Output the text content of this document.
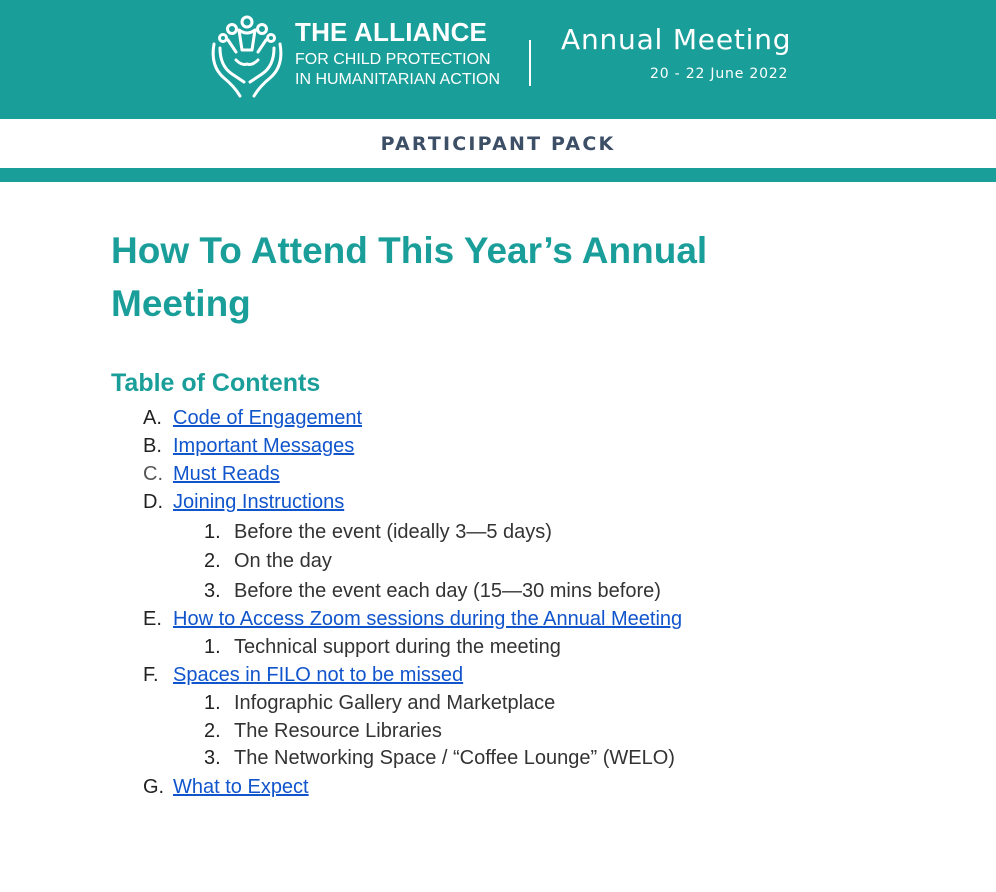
THE ALLIANCE
FOR CHILD PROTECTION
IN HUMANITARIAN ACTION
Annual Meeting
20 - 22 June 2022
PARTICIPANT PACK
How To Attend This Year’s Annual
Meeting
Table of Contents
A. Code of Engagement
B. Important Messages
C. Must Reads
D. Joining Instructions
1. Before the event (ideally 3—5 days)
2. On the day
3. Before the event each day (15—30 mins before)
E. How to Access Zoom sessions during the Annual Meeting
1. Technical support during the meeting
F. Spaces in FILO not to be missed
1. Infographic Gallery and Marketplace
2. The Resource Libraries
3. The Networking Space / “Coffee Lounge” (WELO)
G. What to Expect
